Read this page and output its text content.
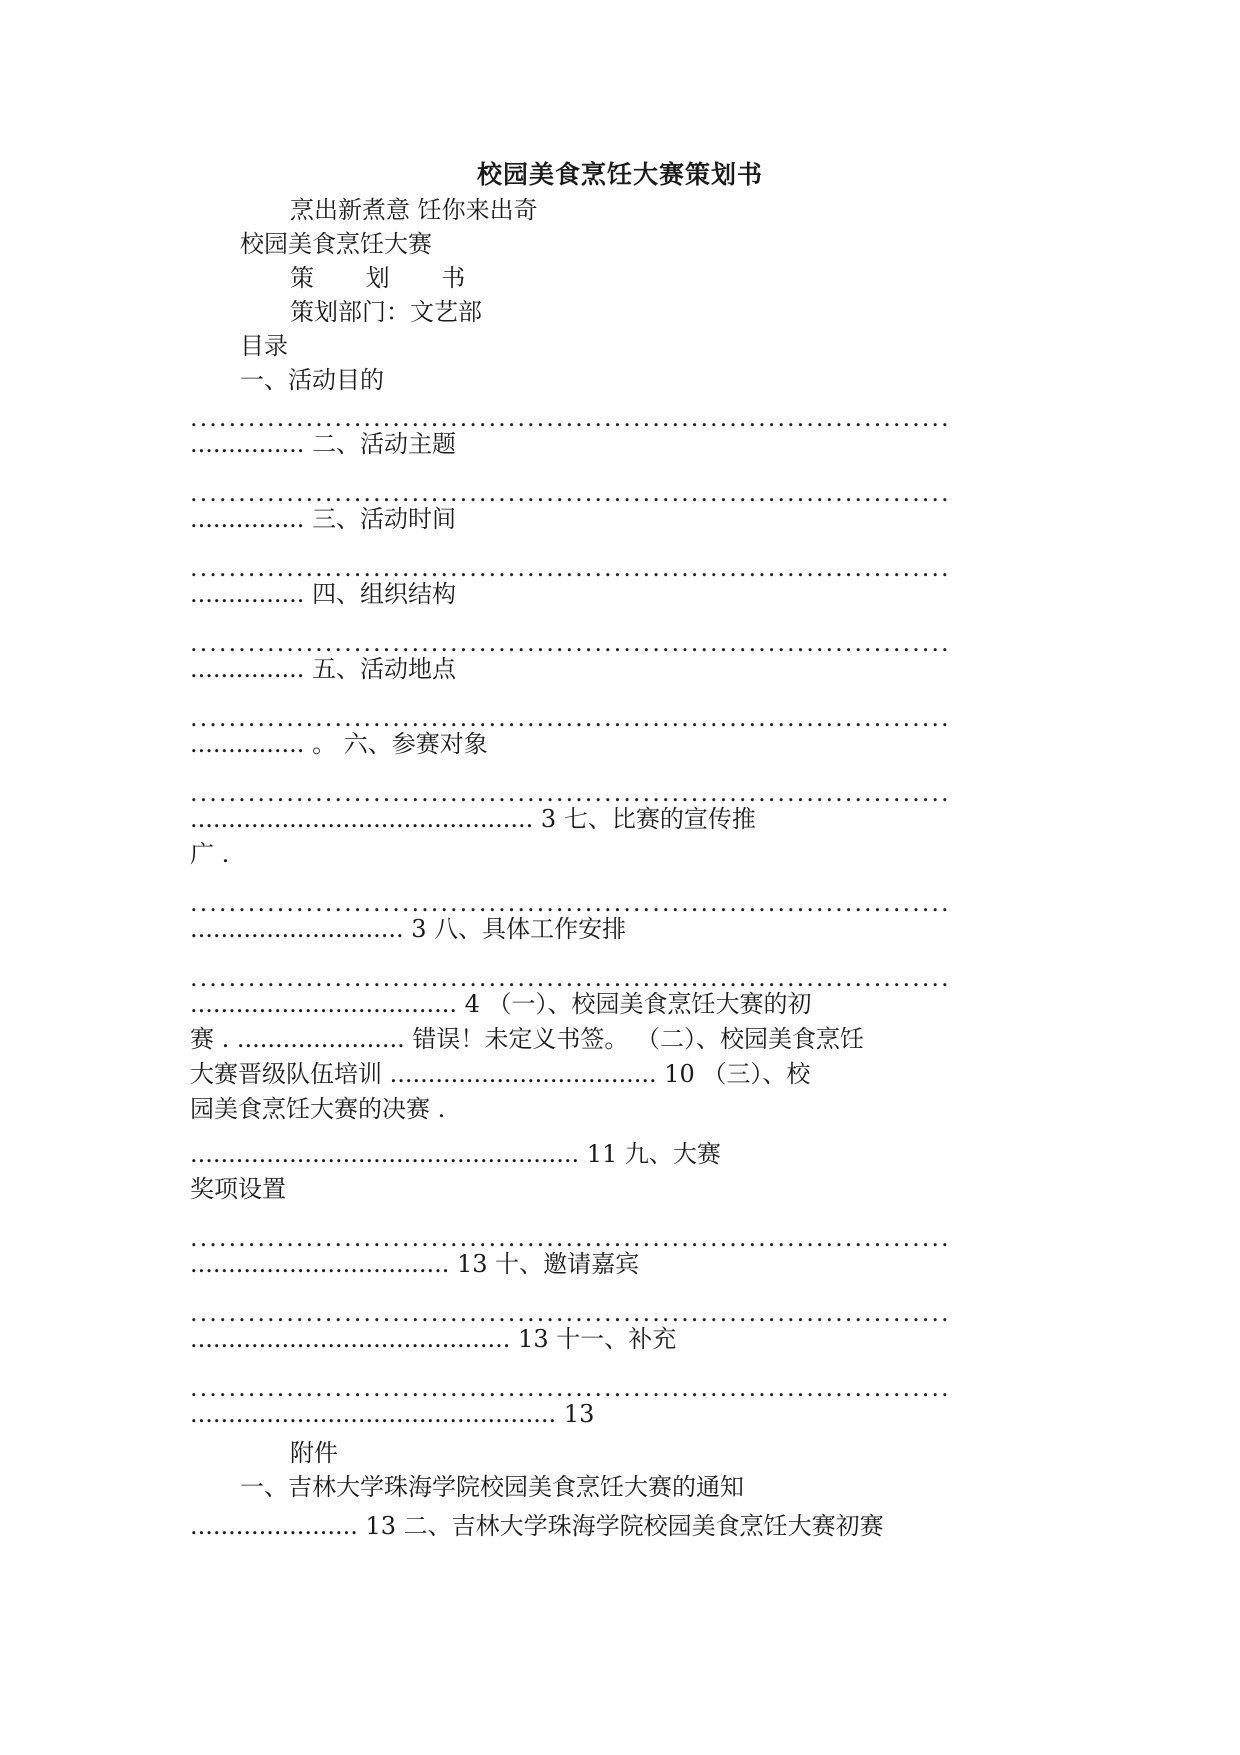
校园美食烹饪大赛策划书
烹出新煮意 饪你来出奇
校园美食烹饪大赛
策 划 书
策划部门：文艺部
目录
一、活动目的
...............................................................................
............... 二、活动主题
...............................................................................
............... 三、活动时间
...............................................................................
............... 四、组织结构
...............................................................................
............... 五、活动地点
...............................................................................
............... 。 六、参赛对象
...............................................................................
............................................. 3 七、比赛的宣传推
广 .
...............................................................................
............................ 3 八、具体工作安排
...............................................................................
................................... 4 （一）、校园美食烹饪大赛的初
赛 . ...................... 错误！未定义书签。 （二）、校园美食烹饪
大赛晋级队伍培训 ................................... 10 （三）、校
园美食烹饪大赛的决赛 .
................................................... 11 九、大赛
奖项设置
...............................................................................
.................................. 13 十、邀请嘉宾
...............................................................................
.......................................... 13 十一、补充
...............................................................................
................................................ 13
附件
一、吉林大学珠海学院校园美食烹饪大赛的通知
...................... 13 二、吉林大学珠海学院校园美食烹饪大赛初赛
